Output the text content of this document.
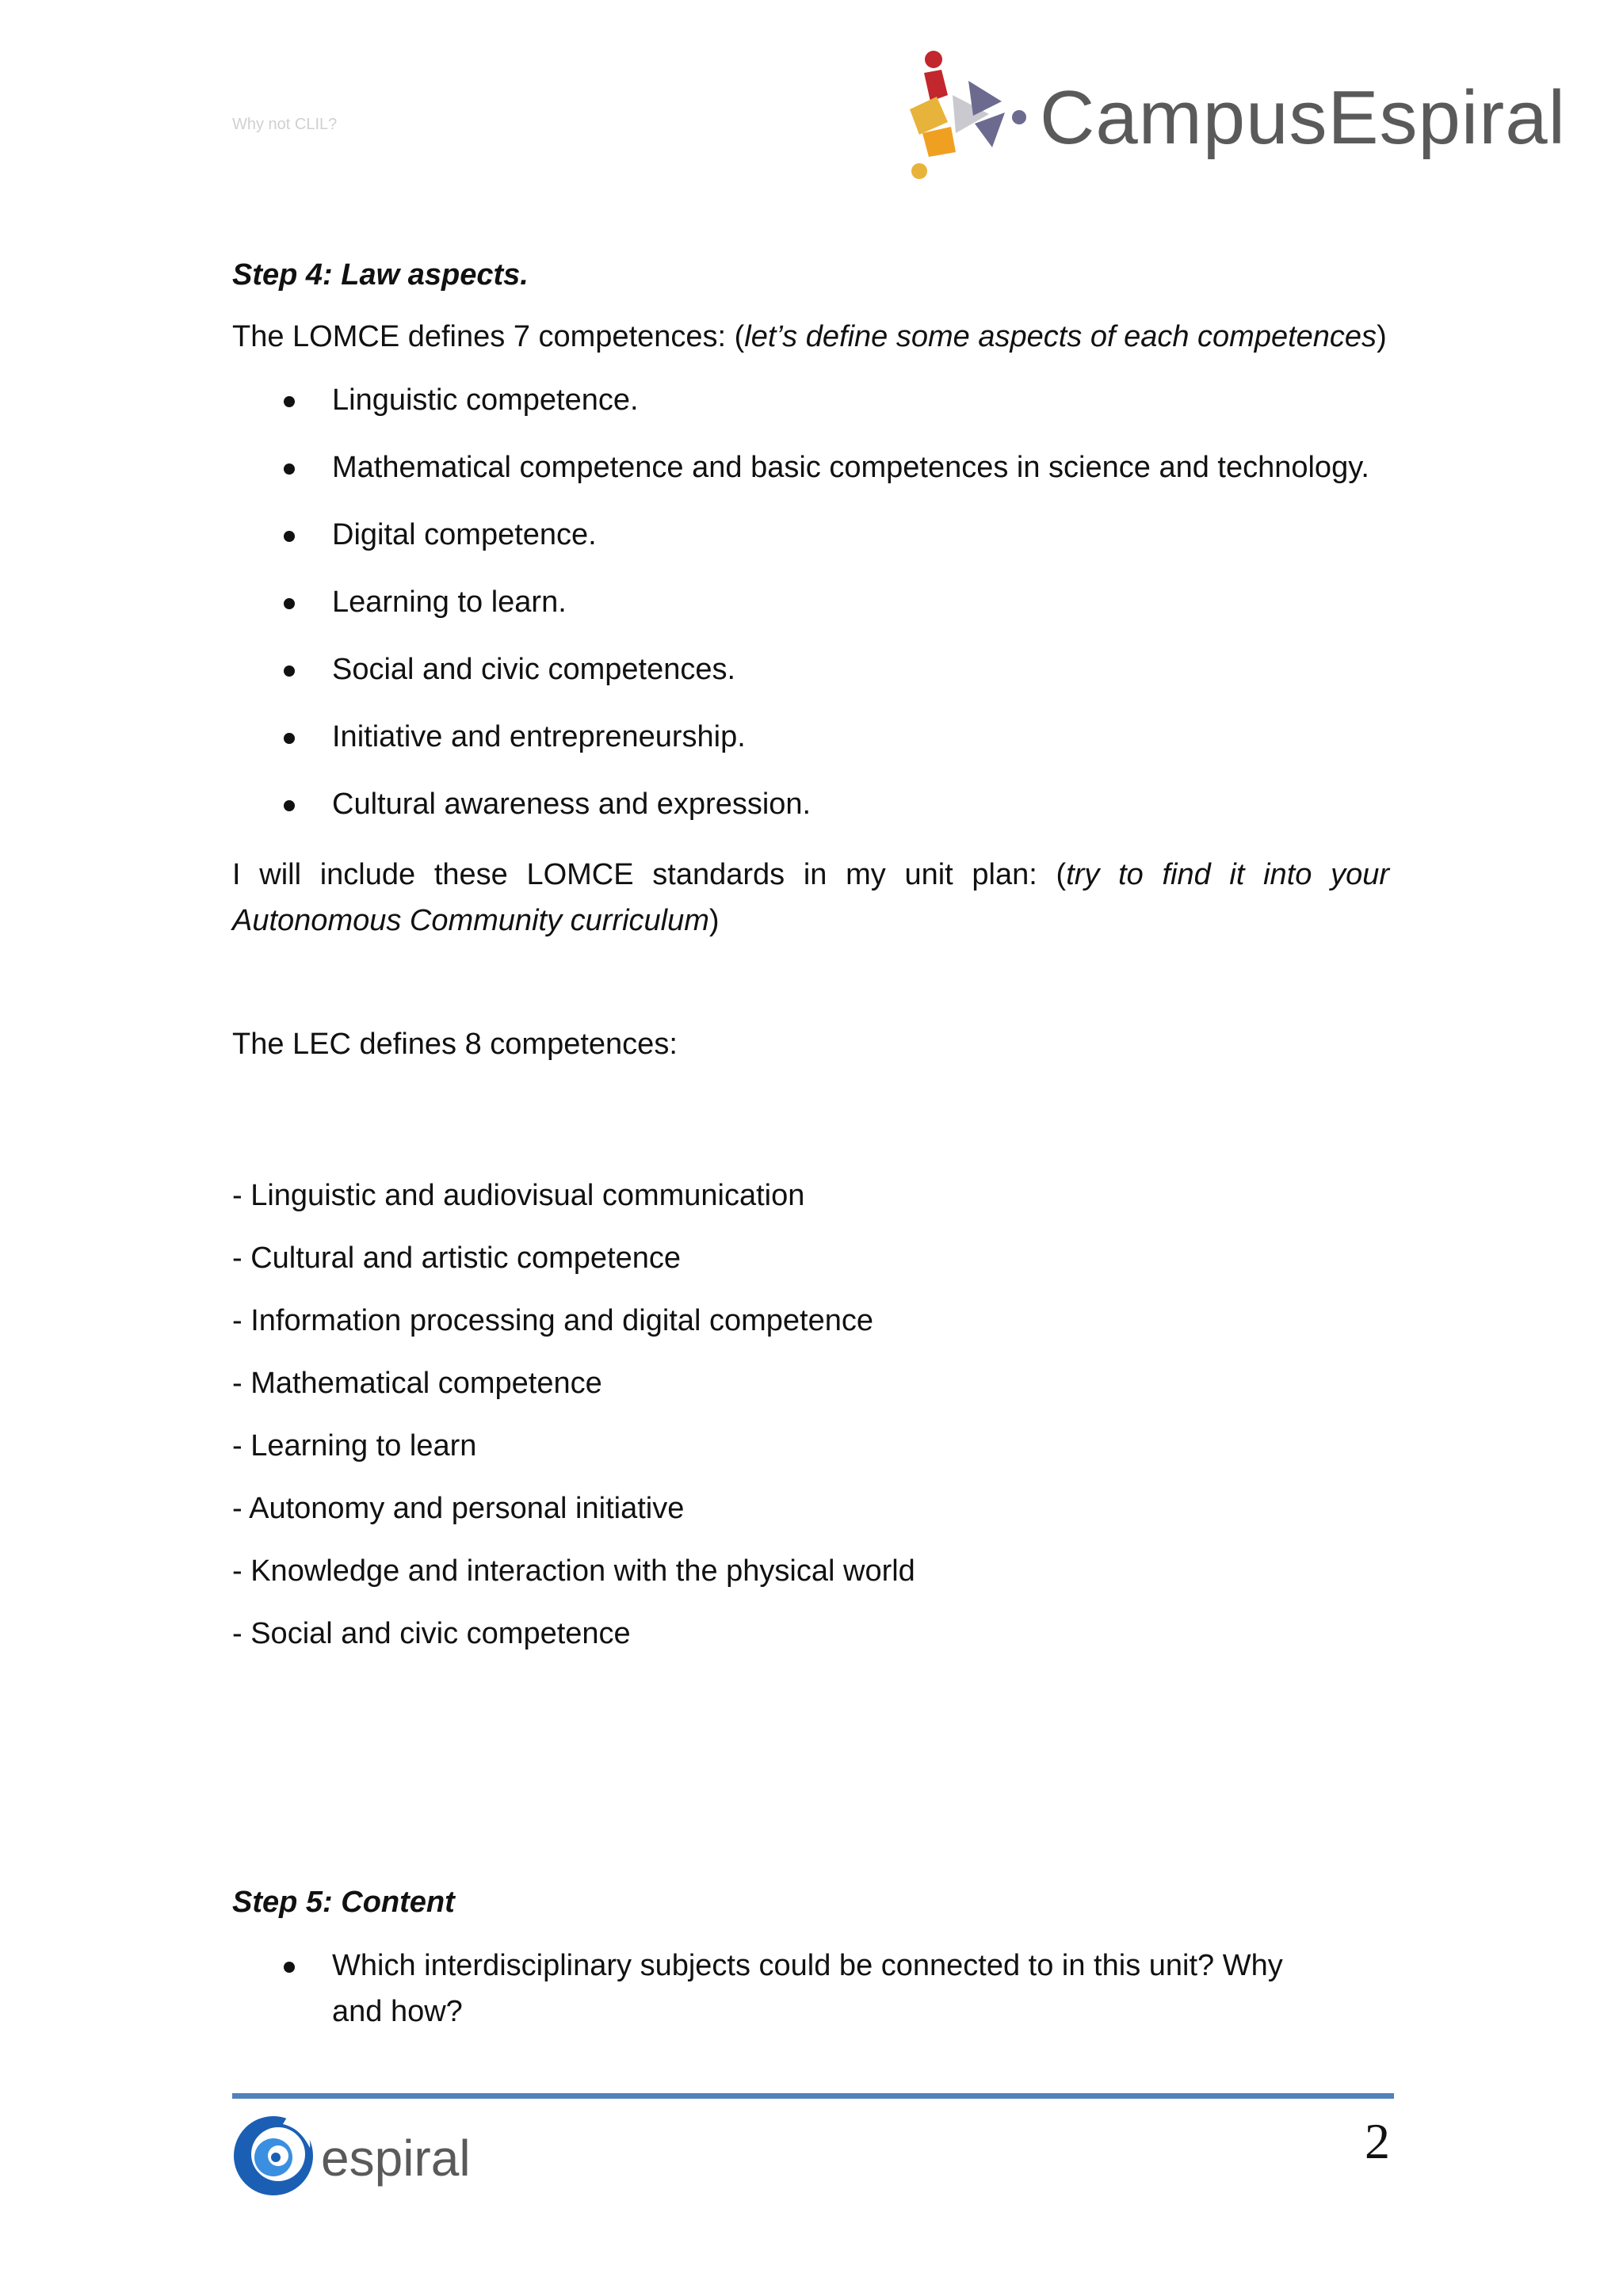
Why not CLIL?	CampusEspiral

Step 4: Law aspects.

The LOMCE defines 7 competences: (let’s define some aspects of each competences)

Linguistic competence.
Mathematical competence and basic competences in science and technology.
Digital competence.
Learning to learn.
Social and civic competences.
Initiative and entrepreneurship.
Cultural awareness and expression.

I will include these LOMCE standards in my unit plan: (try to find it into your Autonomous Community curriculum)

The LEC defines 8 competences:

- Linguistic and audiovisual communication
- Cultural and artistic competence
- Information processing and digital competence
- Mathematical competence
- Learning to learn
- Autonomy and personal initiative
- Knowledge and interaction with the physical world
- Social and civic competence

Step 5: Content

Which interdisciplinary subjects could be connected to in this unit? Why and how?
espiral	2
